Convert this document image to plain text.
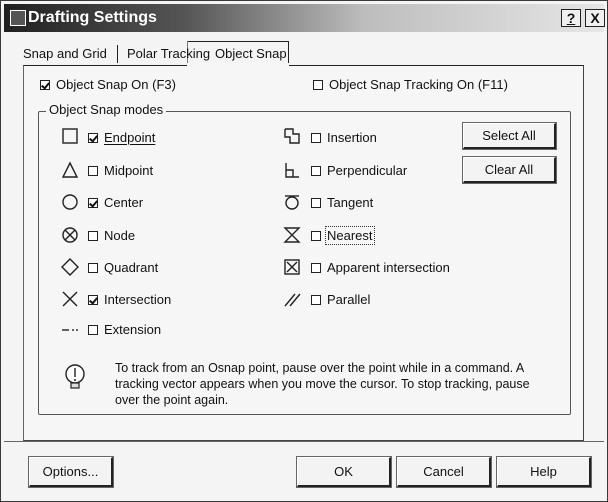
Drafting Settings	?	X
Snap and Grid Polar Tracking Object Snap
Object Snap On (F3)	Object Snap Tracking On (F11)
Object Snap modes
Endpoint
Midpoint
Center
Node
Quadrant
Intersection
Extension
Insertion
Perpendicular
Tangent
Nearest
Apparent intersection
Parallel
Select All
Clear All
To track from an Osnap point, pause over the point while in a command. A tracking vector appears when you move the cursor. To stop tracking, pause over the point again.
Options...	OK	Cancel	Help
